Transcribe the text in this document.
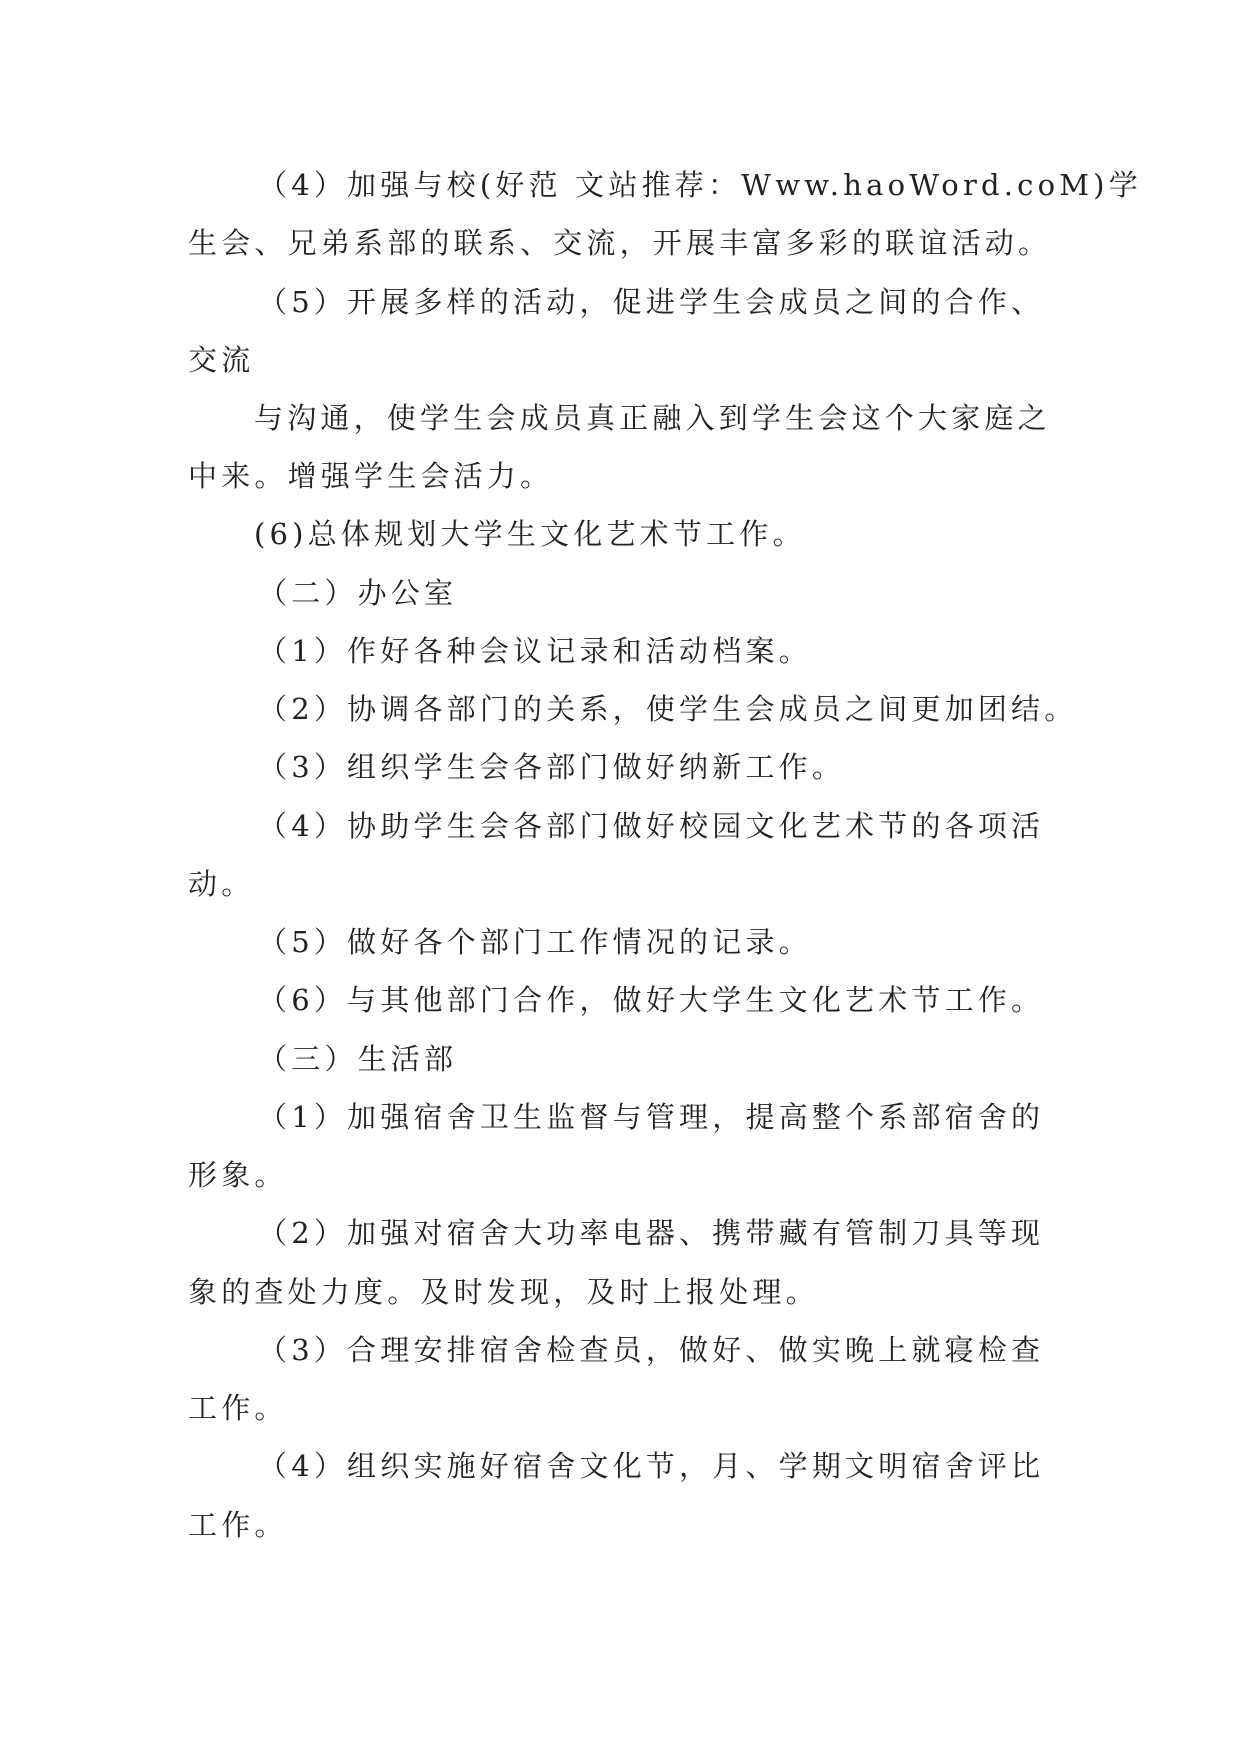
（4）加强与校(好范 文站推荐：Www.haoWord.coM)学
生会、兄弟系部的联系、交流，开展丰富多彩的联谊活动。
（5）开展多样的活动，促进学生会成员之间的合作、
交流
与沟通，使学生会成员真正融入到学生会这个大家庭之
中来。增强学生会活力。
(6)总体规划大学生文化艺术节工作。
（二）办公室
（1）作好各种会议记录和活动档案。
（2）协调各部门的关系，使学生会成员之间更加团结。
（3）组织学生会各部门做好纳新工作。
（4）协助学生会各部门做好校园文化艺术节的各项活
动。
（5）做好各个部门工作情况的记录。
（6）与其他部门合作，做好大学生文化艺术节工作。
（三）生活部
（1）加强宿舍卫生监督与管理，提高整个系部宿舍的
形象。
（2）加强对宿舍大功率电器、携带藏有管制刀具等现
象的查处力度。及时发现，及时上报处理。
（3）合理安排宿舍检查员，做好、做实晚上就寝检查
工作。
（4）组织实施好宿舍文化节，月、学期文明宿舍评比
工作。
